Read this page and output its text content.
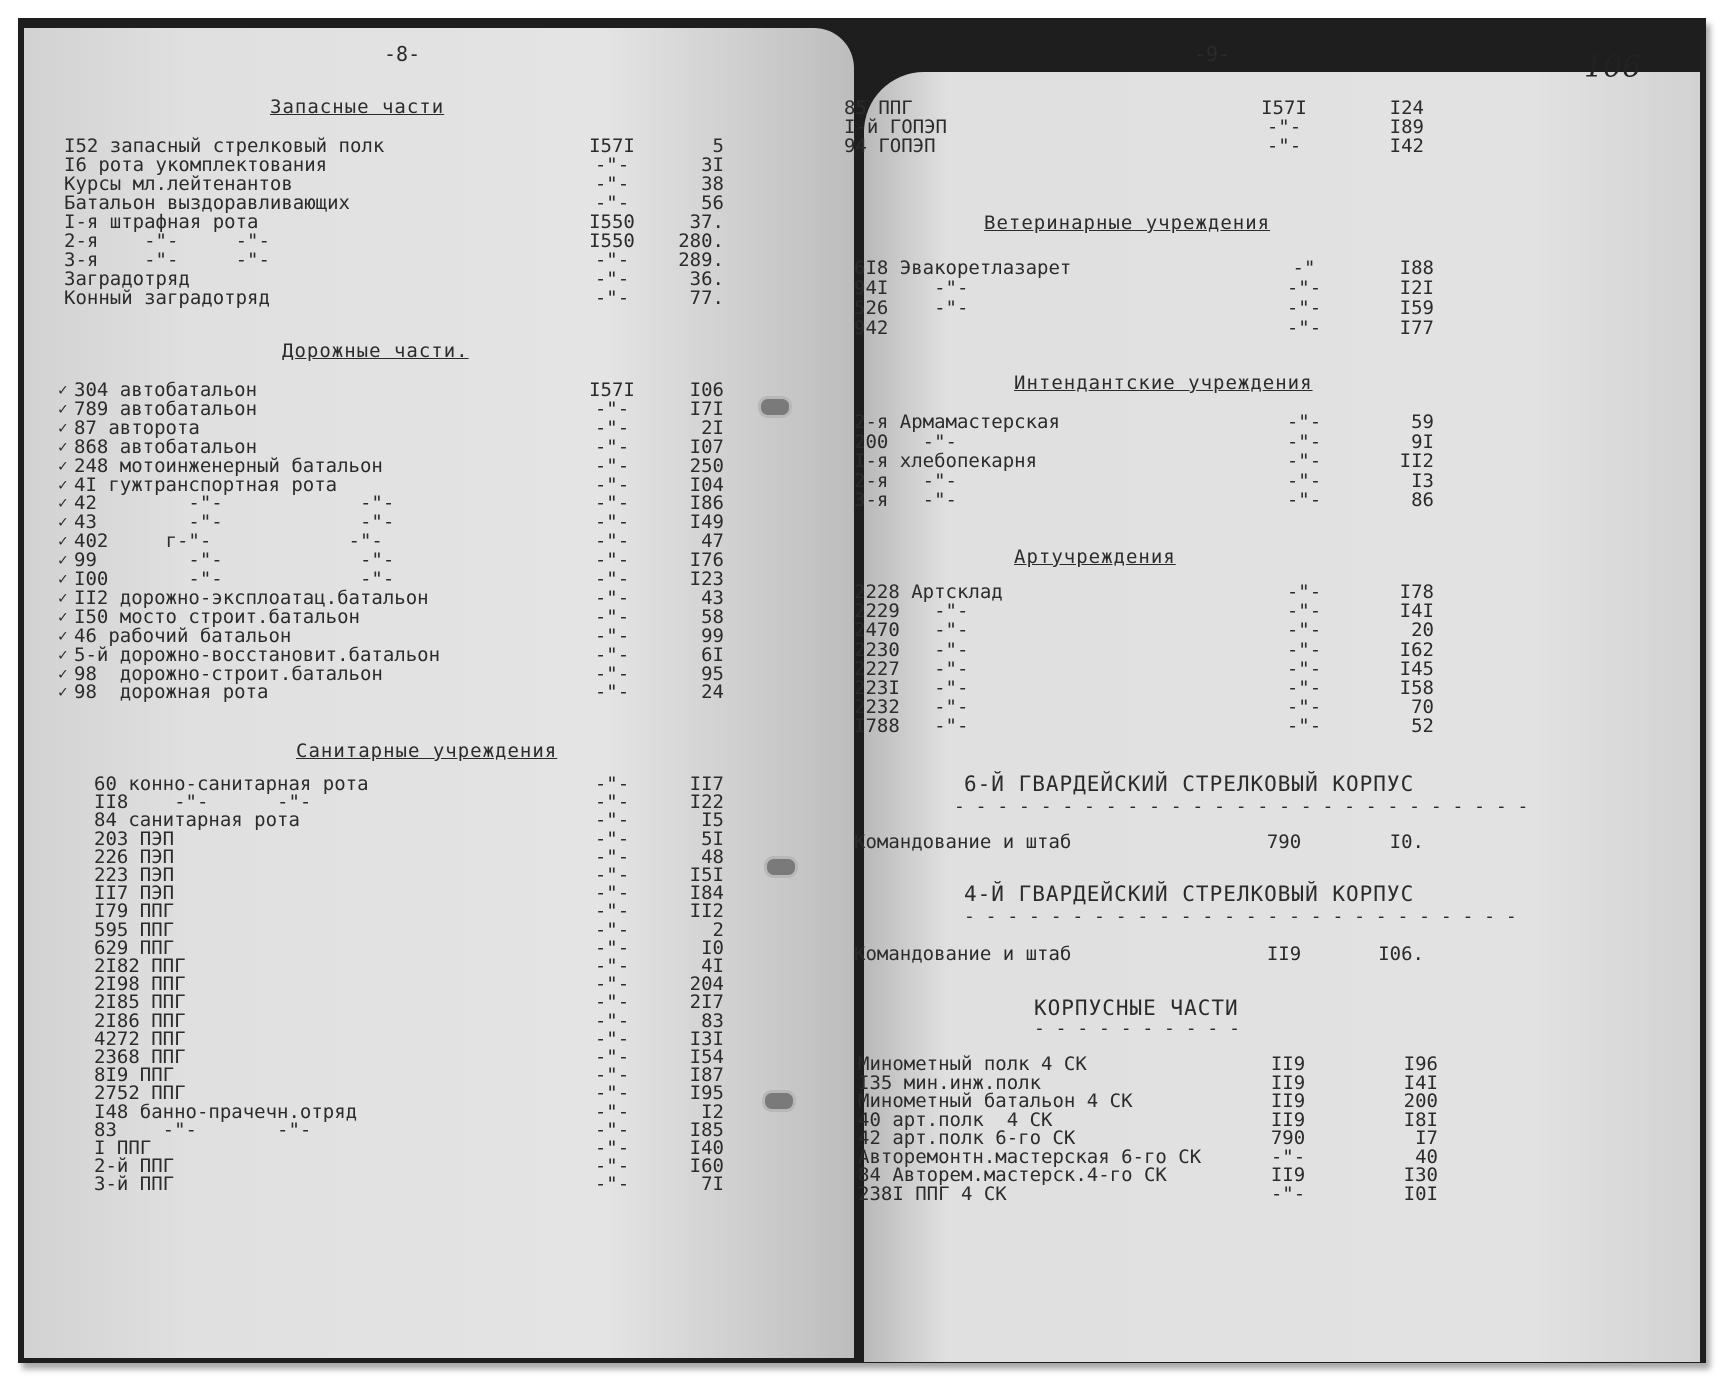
-8-
Запасные части
I52 запасный стрелковый полк	I57I	5
I6 рота укомплектования	-"-	3I
Курсы мл.лейтенантов	-"-	38
Батальон выздоравливающих	-"-	56
I-я штрафная рота	I550	37.
2-я    -"-     -"-	I550	280.
3-я    -"-     -"-	-"-	289.
Заградотряд	-"-	36.
Конный заградотряд	-"-	77.
Дорожные части.
304 автобатальон	I57I	I06
789 автобатальон	-"-	I7I
87 авторота	-"-	2I
868 автобатальон	-"-	I07
248 мотоинженерный батальон	-"-	250
4I гужтранспортная рота	-"-	I04
42        -"-            -"-	-"-	I86
43        -"-            -"-	-"-	I49
402     г-"-            -"-	-"-	47
99        -"-            -"-	-"-	I76
I00       -"-            -"-	-"-	I23
II2 дорожно-эксплоатац.батальон	-"-	43
I50 мосто строит.батальон	-"-	58
46 рабочий батальон	-"-	99
5-й дорожно-восстановит.батальон	-"-	6I
98  дорожно-строит.батальон	-"-	95
98  дорожная рота	-"-	24
Санитарные учреждения
60 конно-санитарная рота	-"-	II7
II8    -"-      -"-	-"-	I22
84 санитарная рота	-"-	I5
203 ПЭП	-"-	5I
226 ПЭП	-"-	48
223 ПЭП	-"-	I5I
II7 ПЭП	-"-	I84
I79 ППГ	-"-	II2
595 ППГ	-"-	2
629 ППГ	-"-	I0
2I82 ППГ	-"-	4I
2I98 ППГ	-"-	204
2I85 ППГ	-"-	2I7
2I86 ППГ	-"-	83
4272 ППГ	-"-	I3I
2368 ППГ	-"-	I54
8I9 ППГ	-"-	I87
2752 ППГ	-"-	I95
I48 банно-прачечн.отряд	-"-	I2
83    -"-       -"-	-"-	I85
I ППГ	-"-	I40
2-й ППГ	-"-	I60
3-й ППГ	-"-	7I
✓
✓
✓
✓
✓
✓
✓
✓
✓
✓
✓
✓
✓
✓
✓
✓
✓
-9-	106
85 ППГ	I57I	I24
I-й ГОПЭП	-"-	I89
94 ГОПЭП	-"-	I42
Ветеринарные учреждения
6I8 Эвакоретлазарет	-"	I88
94I    -"-	-"-	I2I
526    -"-	-"-	I59
942	-"-	I77
Интендантские учреждения
2-я Армамастерская	-"-	59
200   -"-	-"-	9I
I-я хлебопекарня	-"-	II2
2-я   -"-	-"-	I3
3-я   -"-	-"-	86
Артучреждения
2228 Артсклад	-"-	I78
2229   -"-	-"-	I4I
2470   -"-	-"-	20
2230   -"-	-"-	I62
2227   -"-	-"-	I45
223I   -"-	-"-	I58
2232   -"-	-"-	70
I788   -"-	-"-	52
6-Й ГВАРДЕЙСКИЙ СТРЕЛКОВЫЙ КОРПУС
- - - - - - - - - - - - - - - - - - - - - - - - - - -
Командование и штаб	790	I0.
4-Й ГВАРДЕЙСКИЙ СТРЕЛКОВЫЙ КОРПУС
- - - - - - - - - - - - - - - - - - - - - - - - - -
Командование и штаб	II9	I06.
КОРПУСНЫЕ ЧАСТИ
- - - - - - - - - -
Минометный полк 4 СК	II9	I96
I35 мин.инж.полк	II9	I4I
Минометный батальон 4 СК	II9	200
40 арт.полк  4 СК	II9	I8I
42 арт.полк 6-го СК	790	I7
Авторемонтн.мастерская 6-го СК	-"-	40
84 Авторем.мастерск.4-го СК	II9	I30
238I ППГ 4 СК	-"-	I0I
